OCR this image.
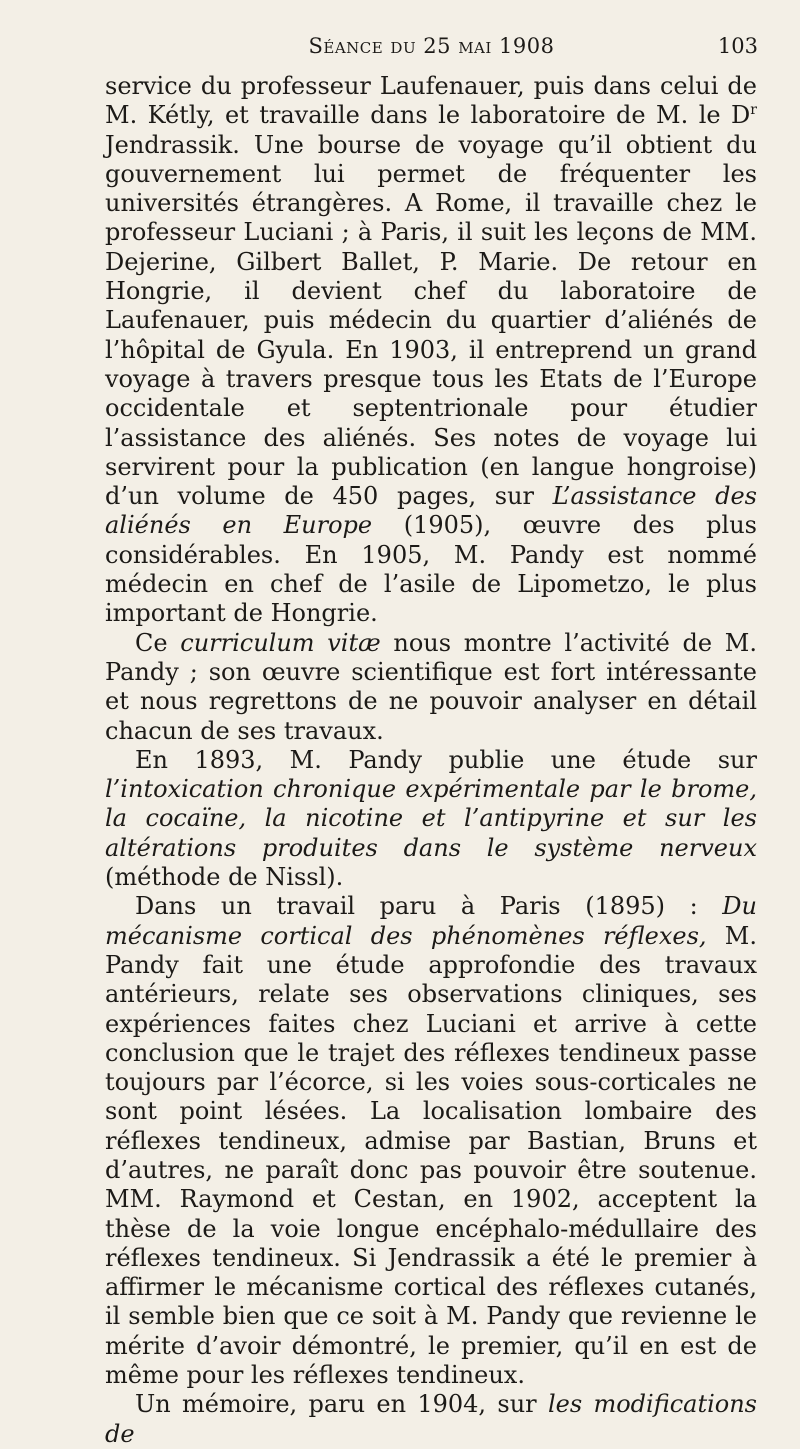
Séance du 25 mai 1908	103

service du professeur Laufenauer, puis dans celui de M. Kétly, et travaille dans le laboratoire de M. le $D^r$ Jendrassik. Une bourse de voyage qu’il obtient du gouvernement lui permet de fréquenter les universités étrangères. A Rome, il travaille chez le professeur Luciani ; à Paris, il suit les leçons de MM. Dejerine, Gilbert Ballet, P. Marie. De retour en Hongrie, il devient chef du laboratoire de Laufenauer, puis médecin du quartier d’aliénés de l’hôpital de Gyula. En 1903, il entreprend un grand voyage à travers presque tous les Etats de l’Europe occidentale et septentrionale pour étudier l’assistance des aliénés. Ses notes de voyage lui servirent pour la publication (en langue hongroise) d’un volume de 450 pages, sur L’assistance des aliénés en Europe (1905), œuvre des plus considérables. En 1905, M. Pandy est nommé médecin en chef de l’asile de Lipometzo, le plus important de Hongrie.

Ce curriculum vitæ nous montre l’activité de M. Pandy ; son œuvre scientifique est fort intéressante et nous regrettons de ne pouvoir analyser en détail chacun de ses travaux.

En 1893, M. Pandy publie une étude sur l’intoxication chronique expérimentale par le brome, la cocaïne, la nicotine et l’antipyrine et sur les altérations produites dans le système nerveux (méthode de Nissl).

Dans un travail paru à Paris (1895) : Du mécanisme cortical des phénomènes réflexes, M. Pandy fait une étude approfondie des travaux antérieurs, relate ses observations cliniques, ses expériences faites chez Luciani et arrive à cette conclusion que le trajet des réflexes tendineux passe toujours par l’écorce, si les voies sous-corticales ne sont point lésées. La localisation lombaire des réflexes tendineux, admise par Bastian, Bruns et d’autres, ne paraît donc pas pouvoir être soutenue. MM. Raymond et Cestan, en 1902, acceptent la thèse de la voie longue encéphalo-médullaire des réflexes tendineux. Si Jendrassik a été le premier à affirmer le mécanisme cortical des réflexes cutanés, il semble bien que ce soit à M. Pandy que revienne le mérite d’avoir démontré, le premier, qu’il en est de même pour les réflexes tendineux.

Un mémoire, paru en 1904, sur les modifications de
